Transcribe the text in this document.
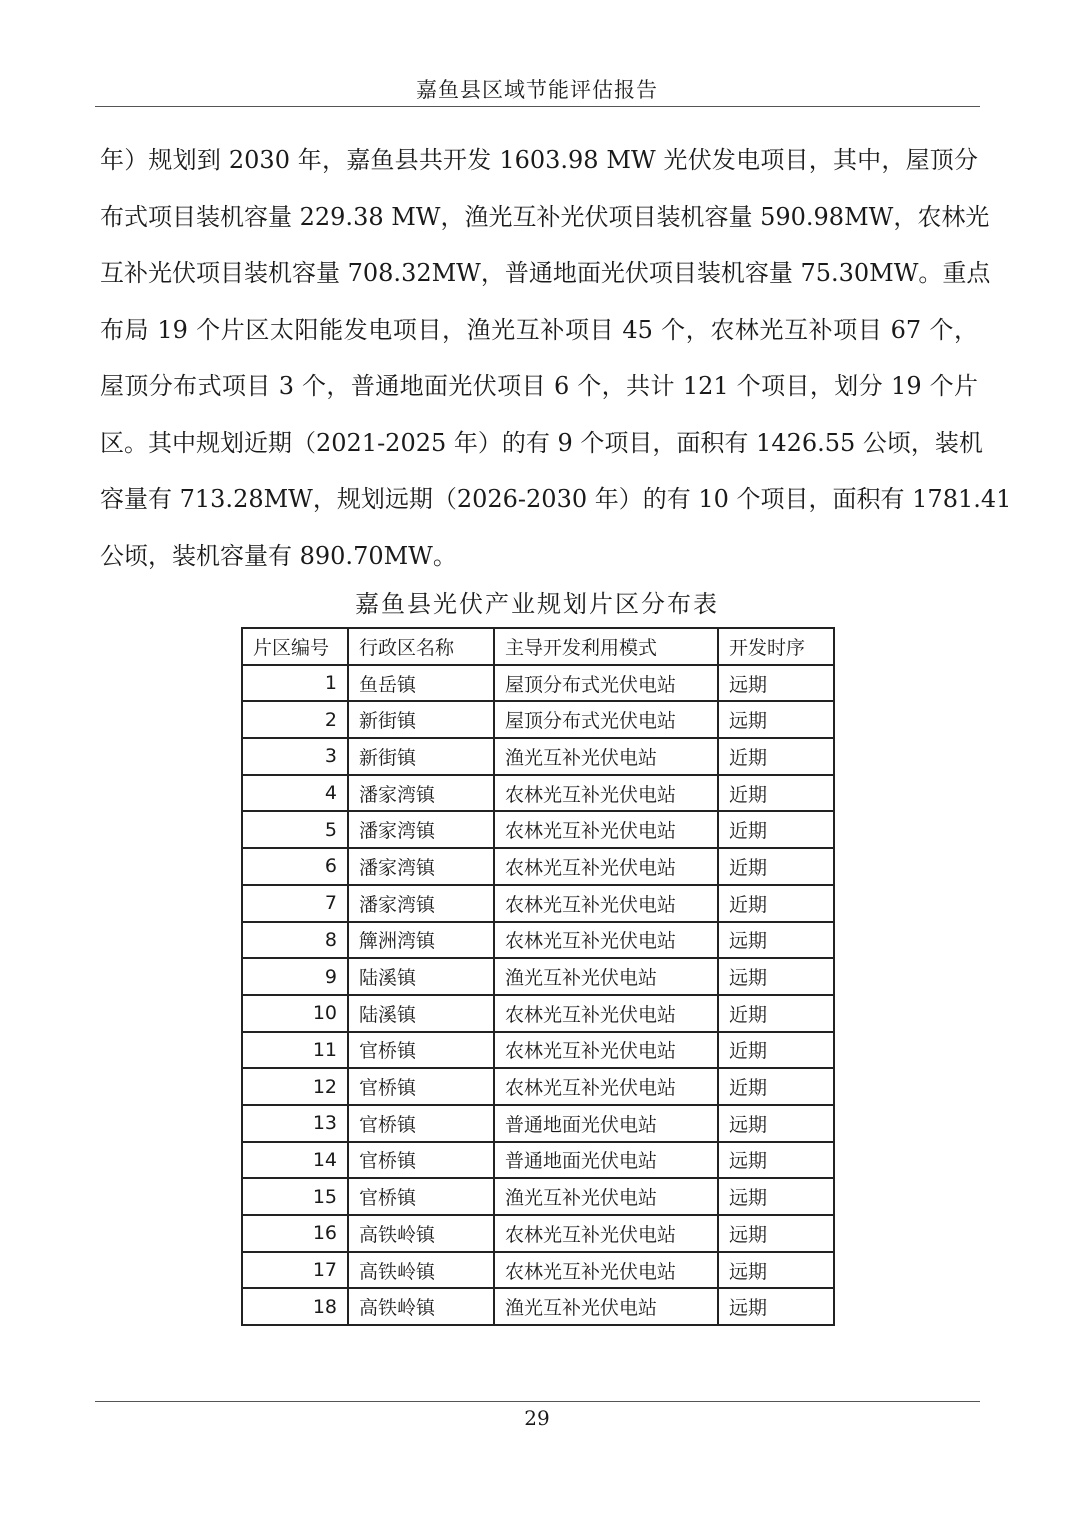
嘉鱼县区域节能评估报告
年）规划到 2030 年，嘉鱼县共开发 1603.98 MW 光伏发电项目，其中，屋顶分
布式项目装机容量 229.38 MW，渔光互补光伏项目装机容量 590.98MW，农林光
互补光伏项目装机容量 708.32MW，普通地面光伏项目装机容量 75.30MW。重点
布局 19 个片区太阳能发电项目，渔光互补项目 45 个，农林光互补项目 67 个，
屋顶分布式项目 3 个，普通地面光伏项目 6 个，共计 121 个项目，划分 19 个片
区。其中规划近期（2021-2025 年）的有 9 个项目，面积有 1426.55 公顷，装机
容量有 713.28MW，规划远期（2026-2030 年）的有 10 个项目，面积有 1781.41
公顷，装机容量有 890.70MW。
嘉鱼县光伏产业规划片区分布表
片区编号	行政区名称	主导开发利用模式	开发时序
1	鱼岳镇	屋顶分布式光伏电站	远期
2	新街镇	屋顶分布式光伏电站	远期
3	新街镇	渔光互补光伏电站	近期
4	潘家湾镇	农林光互补光伏电站	近期
5	潘家湾镇	农林光互补光伏电站	近期
6	潘家湾镇	农林光互补光伏电站	近期
7	潘家湾镇	农林光互补光伏电站	近期
8	簰洲湾镇	农林光互补光伏电站	远期
9	陆溪镇	渔光互补光伏电站	远期
10	陆溪镇	农林光互补光伏电站	近期
11	官桥镇	农林光互补光伏电站	近期
12	官桥镇	农林光互补光伏电站	近期
13	官桥镇	普通地面光伏电站	远期
14	官桥镇	普通地面光伏电站	远期
15	官桥镇	渔光互补光伏电站	远期
16	高铁岭镇	农林光互补光伏电站	远期
17	高铁岭镇	农林光互补光伏电站	远期
18	高铁岭镇	渔光互补光伏电站	远期
29
